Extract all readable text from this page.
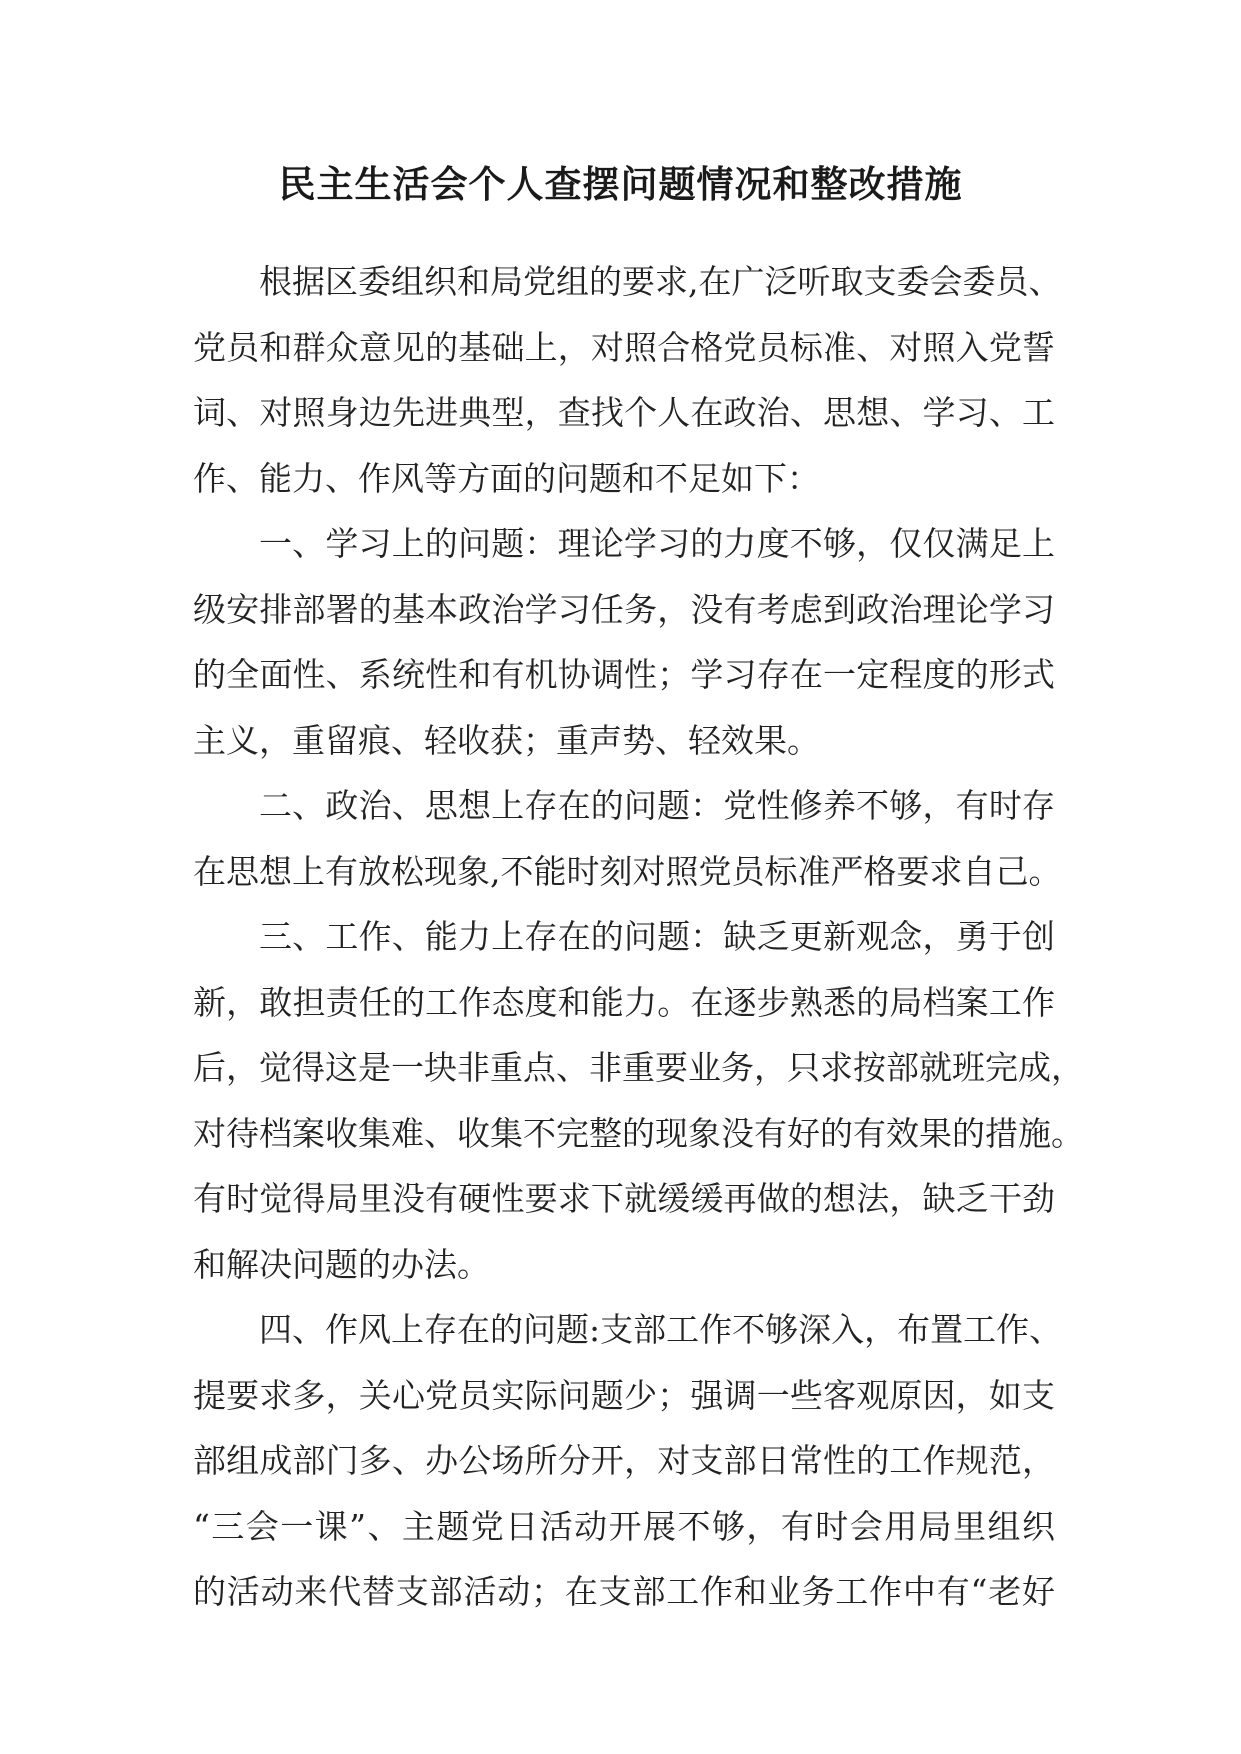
民主生活会个人查摆问题情况和整改措施
根据区委组织和局党组的要求,在广泛听取支委会委员、
党员和群众意见的基础上，对照合格党员标准、对照入党誓
词、对照身边先进典型，查找个人在政治、思想、学习、工
作、能力、作风等方面的问题和不足如下：
一、学习上的问题：理论学习的力度不够，仅仅满足上
级安排部署的基本政治学习任务，没有考虑到政治理论学习
的全面性、系统性和有机协调性；学习存在一定程度的形式
主义，重留痕、轻收获；重声势、轻效果。
二、政治、思想上存在的问题：党性修养不够，有时存
在思想上有放松现象,不能时刻对照党员标准严格要求自己。
三、工作、能力上存在的问题：缺乏更新观念，勇于创
新，敢担责任的工作态度和能力。在逐步熟悉的局档案工作
后，觉得这是一块非重点、非重要业务，只求按部就班完成，
对待档案收集难、收集不完整的现象没有好的有效果的措施。
有时觉得局里没有硬性要求下就缓缓再做的想法，缺乏干劲
和解决问题的办法。
四、作风上存在的问题:支部工作不够深入，布置工作、
提要求多，关心党员实际问题少；强调一些客观原因，如支
部组成部门多、办公场所分开，对支部日常性的工作规范，
“三会一课”、主题党日活动开展不够，有时会用局里组织
的活动来代替支部活动；在支部工作和业务工作中有“老好
